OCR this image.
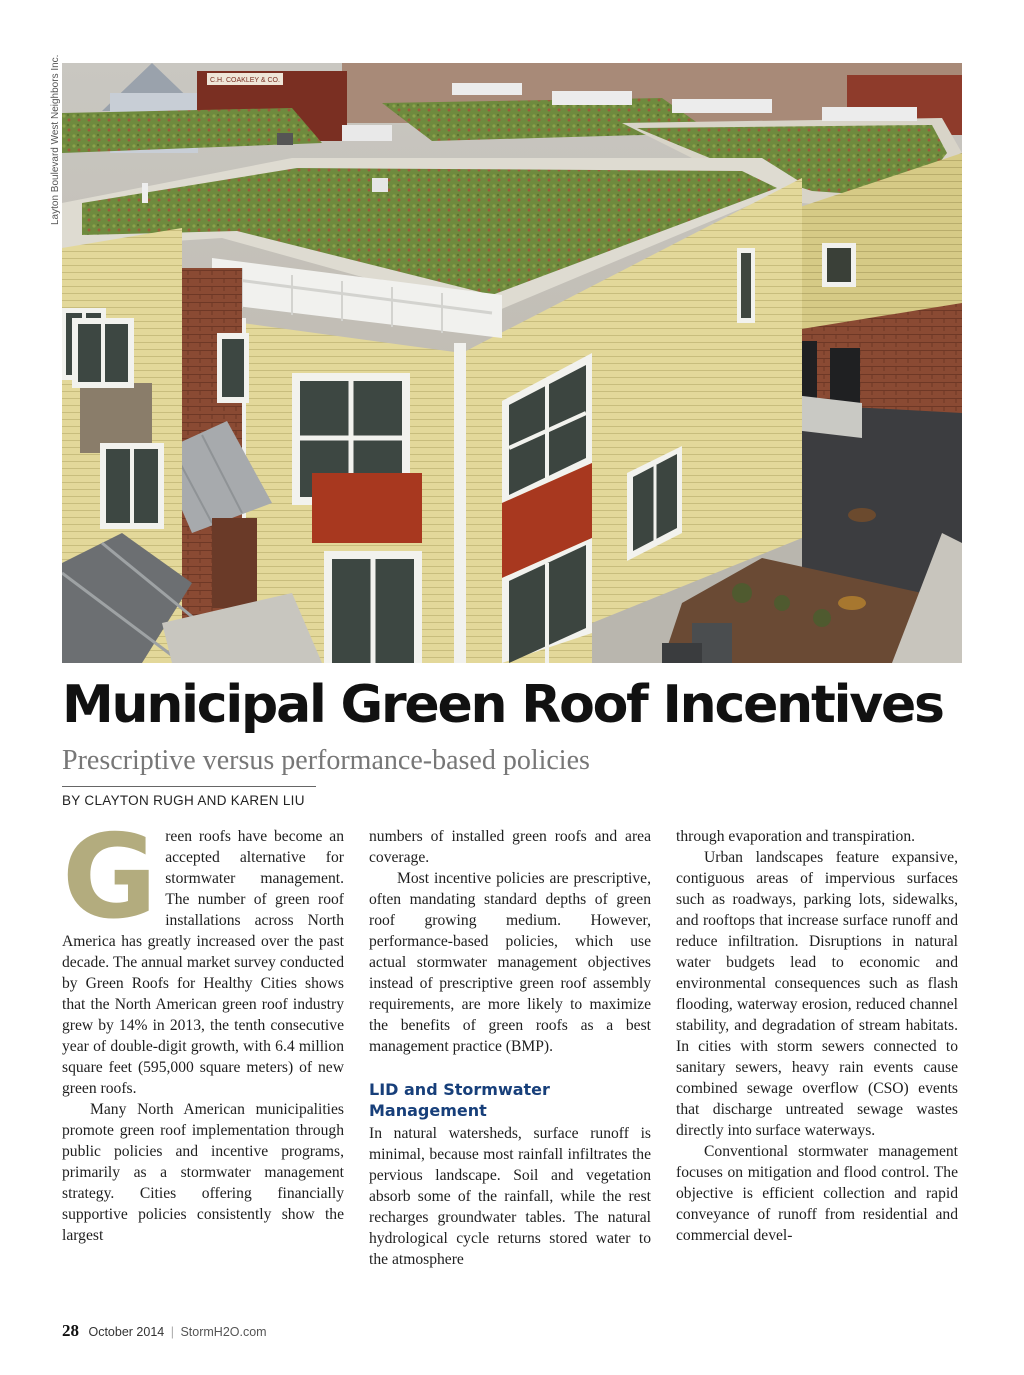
Layton Boulevard West Neighbors Inc.	C.H. COAKLEY & CO.
Municipal Green Roof Incentives

Prescriptive versus performance-based policies

BY CLAYTON RUGH AND KAREN LIU

G reen roofs have become an accepted alternative for stormwater management. The number of green roof installations across North America has greatly increased over the past decade. The annual market survey conducted by Green Roofs for Healthy Cities shows that the North American green roof industry grew by 14% in 2013, the tenth consecutive year of double-digit growth, with 6.4 million square feet (595,000 square meters) of new green roofs.

Many North American municipalities promote green roof implementation through public policies and incentive programs, primarily as a stormwater management strategy. Cities offering financially supportive policies consistently show the largest

numbers of installed green roofs and area coverage.

Most incentive policies are prescriptive, often mandating standard depths of green roof growing medium. However, performance-based policies, which use actual stormwater management objectives instead of prescriptive green roof assembly requirements, are more likely to maximize the benefits of green roofs as a best management practice (BMP).

LID and Stormwater Management

In natural watersheds, surface runoff is minimal, because most rainfall infiltrates the pervious landscape. Soil and vegetation absorb some of the rainfall, while the rest recharges groundwater tables. The natural hydrological cycle returns stored water to the atmosphere

through evaporation and transpiration.

Urban landscapes feature expansive, contiguous areas of impervious surfaces such as roadways, parking lots, sidewalks, and rooftops that increase surface runoff and reduce infiltration. Disruptions in natural water budgets lead to economic and environmental consequences such as flash flooding, waterway erosion, reduced channel stability, and degradation of stream habitats. In cities with storm sewers connected to sanitary sewers, heavy rain events cause combined sewage overflow (CSO) events that discharge untreated sewage wastes directly into surface waterways.

Conventional stormwater management focuses on mitigation and flood control. The objective is efficient collection and rapid conveyance of runoff from residential and commercial devel-

28 October 2014 | StormH2O.com
